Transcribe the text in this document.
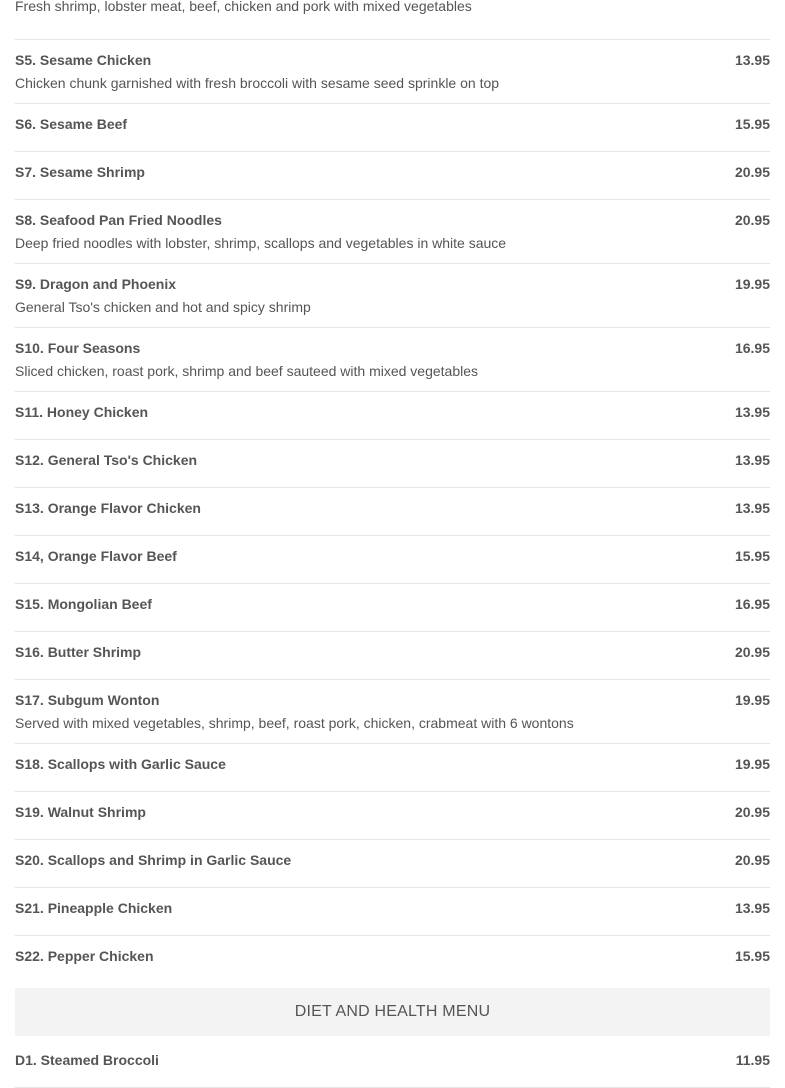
Fresh shrimp, lobster meat, beef, chicken and pork with mixed vegetables
S5. Sesame Chicken	13.95
Chicken chunk garnished with fresh broccoli with sesame seed sprinkle on top
S6. Sesame Beef	15.95
S7. Sesame Shrimp	20.95
S8. Seafood Pan Fried Noodles	20.95
Deep fried noodles with lobster, shrimp, scallops and vegetables in white sauce
S9. Dragon and Phoenix	19.95
General Tso's chicken and hot and spicy shrimp
S10. Four Seasons	16.95
Sliced chicken, roast pork, shrimp and beef sauteed with mixed vegetables
S11. Honey Chicken	13.95
S12. General Tso's Chicken	13.95
S13. Orange Flavor Chicken	13.95
S14, Orange Flavor Beef	15.95
S15. Mongolian Beef	16.95
S16. Butter Shrimp	20.95
S17. Subgum Wonton	19.95
Served with mixed vegetables, shrimp, beef, roast pork, chicken, crabmeat with 6 wontons
S18. Scallops with Garlic Sauce	19.95
S19. Walnut Shrimp	20.95
S20. Scallops and Shrimp in Garlic Sauce	20.95
S21. Pineapple Chicken	13.95
S22. Pepper Chicken	15.95
DIET AND HEALTH MENU
D1. Steamed Broccoli	11.95
